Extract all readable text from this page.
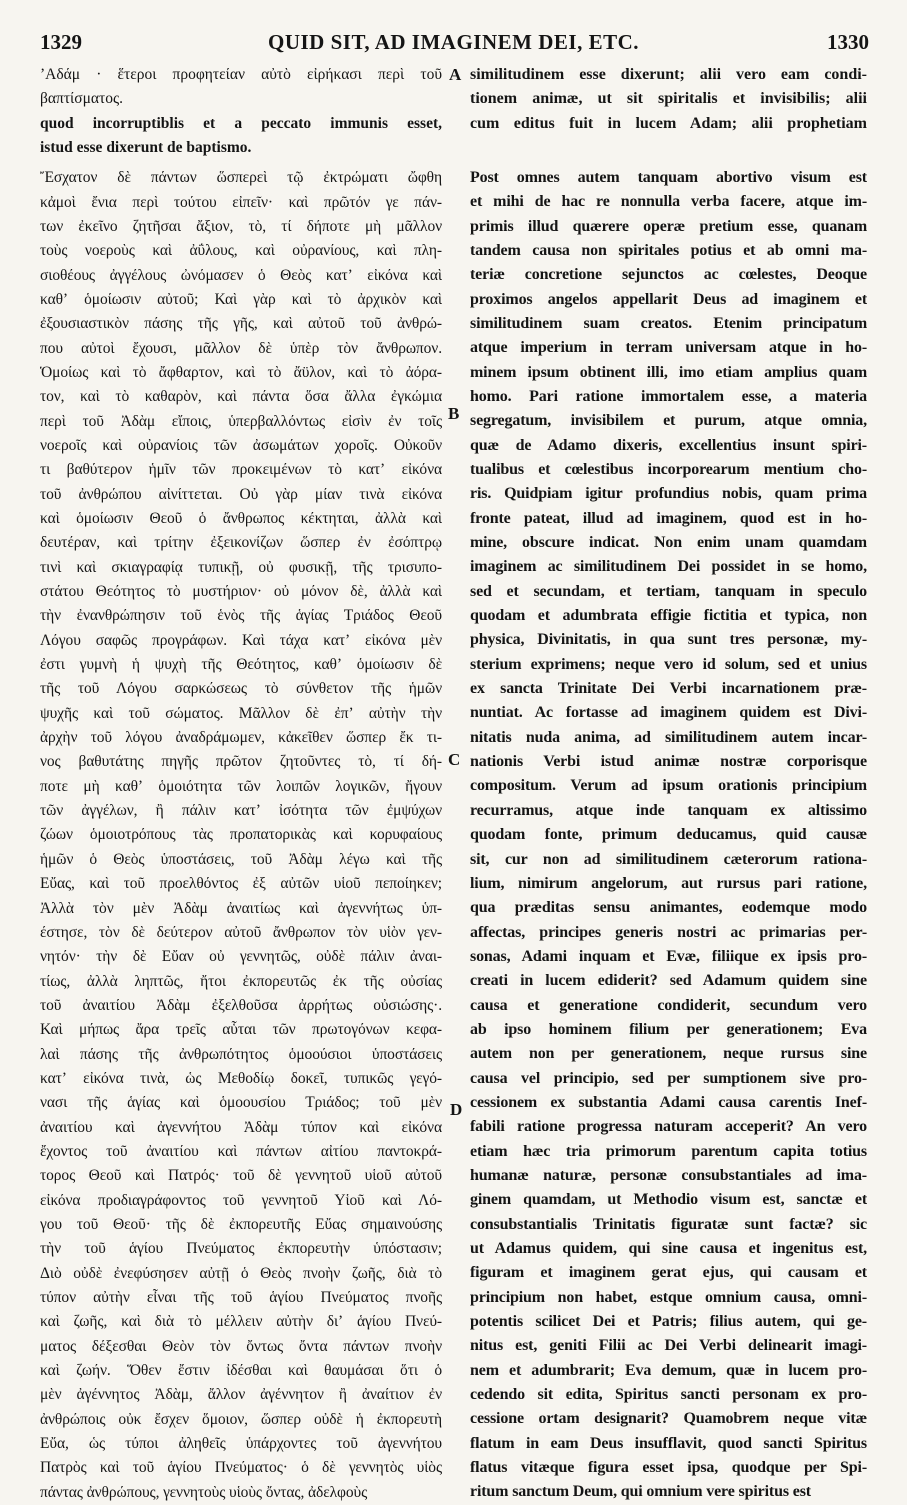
1329	QUID SIT, AD IMAGINEM DEI, ETC.	1330
ʼΑδάμ · ἕτεροι προφητείαν αὐτὸ εἰρήκασι περὶ τοῦ
βαπτίσματος.
quod incorruptiblis et a peccato immunis esset,
istud esse dixerunt de baptismo.
Ἔσχατον δὲ πάντων ὥσπερεὶ τῷ ἐκτρώματι ὤφθη
κἀμοὶ ἔνια περὶ τούτου εἰπεῖν· καὶ πρῶτόν γε πάν-
των ἐκεῖνο ζητῆσαι ἄξιον, τὸ, τί δήποτε μὴ μᾶλλον
τοὺς νοεροὺς καὶ ἀΰλους, καὶ οὐρανίους, καὶ πλη-
σιοθέους ἀγγέλους ὠνόμασεν ὁ Θεὸς κατʼ εἰκόνα καὶ
καθʼ ὁμοίωσιν αὐτοῦ; Καὶ γὰρ καὶ τὸ ἀρχικὸν καὶ
ἐξουσιαστικὸν πάσης τῆς γῆς, καὶ αὐτοῦ τοῦ ἀνθρώ-
που αὐτοὶ ἔχουσι, μᾶλλον δὲ ὑπὲρ τὸν ἄνθρωπον.
Ὁμοίως καὶ τὸ ἄφθαρτον, καὶ τὸ ἄϋλον, καὶ τὸ ἀόρα-
τον, καὶ τὸ καθαρὸν, καὶ πάντα ὅσα ἄλλα ἐγκώμια
περὶ τοῦ Ἀδὰμ εἴποις, ὑπερβαλλόντως εἰσὶν ἐν τοῖς
νοεροῖς καὶ οὐρανίοις τῶν ἀσωμάτων χοροῖς. Οὐκοῦν
τι βαθύτερον ἡμῖν τῶν προκειμένων τὸ κατʼ εἰκόνα
τοῦ ἀνθρώπου αἰνίττεται. Οὐ γὰρ μίαν τινὰ εἰκόνα
καὶ ὁμοίωσιν Θεοῦ ὁ ἄνθρωπος κέκτηται, ἀλλὰ καὶ
δευτέραν, καὶ τρίτην ἐξεικονίζων ὥσπερ ἐν ἐσόπτρῳ
τινὶ καὶ σκιαγραφίᾳ τυπικῇ, οὐ φυσικῇ, τῆς τρισυπο-
στάτου Θεότητος τὸ μυστήριον· οὐ μόνον δὲ, ἀλλὰ καὶ
τὴν ἐνανθρώπησιν τοῦ ἑνὸς τῆς ἁγίας Τριάδος Θεοῦ
Λόγου σαφῶς προγράφων. Καὶ τάχα κατʼ εἰκόνα μὲν
ἐστι γυμνὴ ἡ ψυχὴ τῆς Θεότητος, καθʼ ὁμοίωσιν δὲ
τῆς τοῦ Λόγου σαρκώσεως τὸ σύνθετον τῆς ἡμῶν
ψυχῆς καὶ τοῦ σώματος. Μᾶλλον δὲ ἐπʼ αὐτὴν τὴν
ἀρχὴν τοῦ λόγου ἀναδράμωμεν, κἀκεῖθεν ὥσπερ ἔκ τι-
νος βαθυτάτης πηγῆς πρῶτον ζητοῦντες τὸ, τί δή-
ποτε μὴ καθʼ ὁμοιότητα τῶν λοιπῶν λογικῶν, ἤγουν
τῶν ἀγγέλων, ἢ πάλιν κατʼ ἰσότητα τῶν ἐμψύχων
ζώων ὁμοιοτρόπους τὰς προπατορικὰς καὶ κορυφαίους
ἡμῶν ὁ Θεὸς ὑποστάσεις, τοῦ Ἀδὰμ λέγω καὶ τῆς
Εὔας, καὶ τοῦ προελθόντος ἐξ αὐτῶν υἱοῦ πεποίηκεν;
Ἀλλὰ τὸν μὲν Ἀδὰμ ἀναιτίως καὶ ἀγεννήτως ὑπ-
έστησε, τὸν δὲ δεύτερον αὐτοῦ ἄνθρωπον τὸν υἱὸν γεν-
νητόν· τὴν δὲ Εὔαν οὐ γεννητῶς, οὐδὲ πάλιν ἀναι-
τίως, ἀλλὰ ληπτῶς, ἤτοι ἐκπορευτῶς ἐκ τῆς οὐσίας
τοῦ ἀναιτίου Ἀδὰμ ἐξελθοῦσα ἀρρήτως οὐσιώσης·.
Καὶ μήπως ἄρα τρεῖς αὗται τῶν πρωτογόνων κεφα-
λαὶ πάσης τῆς ἀνθρωπότητος ὁμοούσιοι ὑποστάσεις
κατʼ εἰκόνα τινὰ, ὡς Μεθοδίῳ δοκεῖ, τυπικῶς γεγό-
νασι τῆς ἁγίας καὶ ὁμοουσίου Τριάδος; τοῦ μὲν
ἀναιτίου καὶ ἀγεννήτου Ἀδὰμ τύπον καὶ εἰκόνα
ἔχοντος τοῦ ἀναιτίου καὶ πάντων αἰτίου παντοκρά-
τορος Θεοῦ καὶ Πατρός· τοῦ δὲ γεννητοῦ υἱοῦ αὐτοῦ
εἰκόνα προδιαγράφοντος τοῦ γεννητοῦ Υἱοῦ καὶ Λό-
γου τοῦ Θεοῦ· τῆς δὲ ἐκπορευτῆς Εὔας σημαινούσης
τὴν τοῦ ἁγίου Πνεύματος ἐκπορευτὴν ὑπόστασιν;
Διὸ οὐδὲ ἐνεφύσησεν αὐτῇ ὁ Θεὸς πνοὴν ζωῆς, διὰ τὸ
τύπον αὐτὴν εἶναι τῆς τοῦ ἁγίου Πνεύματος πνοῆς
καὶ ζωῆς, καὶ διὰ τὸ μέλλειν αὐτὴν διʼ ἁγίου Πνεύ-
ματος δέξεσθαι Θεὸν τὸν ὄντως ὄντα πάντων πνοὴν
καὶ ζωήν. Ὅθεν ἔστιν ἰδέσθαι καὶ θαυμάσαι ὅτι ὁ
μὲν ἀγέννητος Ἀδὰμ, ἄλλον ἀγέννητον ἢ ἀναίτιον ἐν
ἀνθρώποις οὐκ ἔσχεν ὅμοιον, ὥσπερ οὐδὲ ἡ ἐκπορευτὴ
Εὔα, ὡς τύποι ἀληθεῖς ὑπάρχοντες τοῦ ἀγεννήτου
Πατρὸς καὶ τοῦ ἁγίου Πνεύματος· ὁ δὲ γεννητὸς υἱὸς
πάντας ἀνθρώπους, γεννητοὺς υἱοὺς ὄντας, ἀδελφοὺς
similitudinem esse dixerunt; alii vero eam condi-
tionem animæ, ut sit spiritalis et invisibilis; alii
cum editus fuit in lucem Adam; alii prophetiam
Post omnes autem tanquam abortivo visum est
et mihi de hac re nonnulla verba facere, atque im-
primis illud quærere operæ pretium esse, quanam
tandem causa non spiritales potius et ab omni ma-
teriæ concretione sejunctos ac cœlestes, Deoque
proximos angelos appellarit Deus ad imaginem et
similitudinem suam creatos. Etenim principatum
atque imperium in terram universam atque in ho-
minem ipsum obtinent illi, imo etiam amplius quam
homo. Pari ratione immortalem esse, a materia
segregatum, invisibilem et purum, atque omnia,
quæ de Adamo dixeris, excellentius insunt spiri-
tualibus et cœlestibus incorporearum mentium cho-
ris. Quidpiam igitur profundius nobis, quam prima
fronte pateat, illud ad imaginem, quod est in ho-
mine, obscure indicat. Non enim unam quamdam
imaginem ac similitudinem Dei possidet in se homo,
sed et secundam, et tertiam, tanquam in speculo
quodam et adumbrata effigie fictitia et typica, non
physica, Divinitatis, in qua sunt tres personæ, my-
sterium exprimens; neque vero id solum, sed et unius
ex sancta Trinitate Dei Verbi incarnationem præ-
nuntiat. Ac fortasse ad imaginem quidem est Divi-
nitatis nuda anima, ad similitudinem autem incar-
nationis Verbi istud animæ nostræ corporisque
compositum. Verum ad ipsum orationis principium
recurramus, atque inde tanquam ex altissimo
quodam fonte, primum deducamus, quid causæ
sit, cur non ad similitudinem cæterorum rationa-
lium, nimirum angelorum, aut rursus pari ratione,
qua præditas sensu animantes, eodemque modo
affectas, principes generis nostri ac primarias per-
sonas, Adami inquam et Evæ, filiique ex ipsis pro-
creati in lucem ediderit? sed Adamum quidem sine
causa et generatione condiderit, secundum vero
ab ipso hominem filium per generationem; Eva
autem non per generationem, neque rursus sine
causa vel principio, sed per sumptionem sive pro-
cessionem ex substantia Adami causa carentis Inef-
fabili ratione progressa naturam acceperit? An vero
etiam hæc tria primorum parentum capita totius
humanæ naturæ, personæ consubstantiales ad ima-
ginem quamdam, ut Methodio visum est, sanctæ et
consubstantialis Trinitatis figuratæ sunt factæ? sic
ut Adamus quidem, qui sine causa et ingenitus est,
figuram et imaginem gerat ejus, qui causam et
principium non habet, estque omnium causa, omni-
potentis scilicet Dei et Patris; filius autem, qui ge-
nitus est, geniti Filii ac Dei Verbi delinearit imagi-
nem et adumbrarit; Eva demum, quæ in lucem pro-
cedendo sit edita, Spiritus sancti personam ex pro-
cessione ortam designarit? Quamobrem neque vitæ
flatum in eam Deus insufflavit, quod sancti Spiritus
flatus vitæque figura esset ipsa, quodque per Spi-
ritum sanctum Deum, qui omnium vere spiritus est
A
B
C
D
